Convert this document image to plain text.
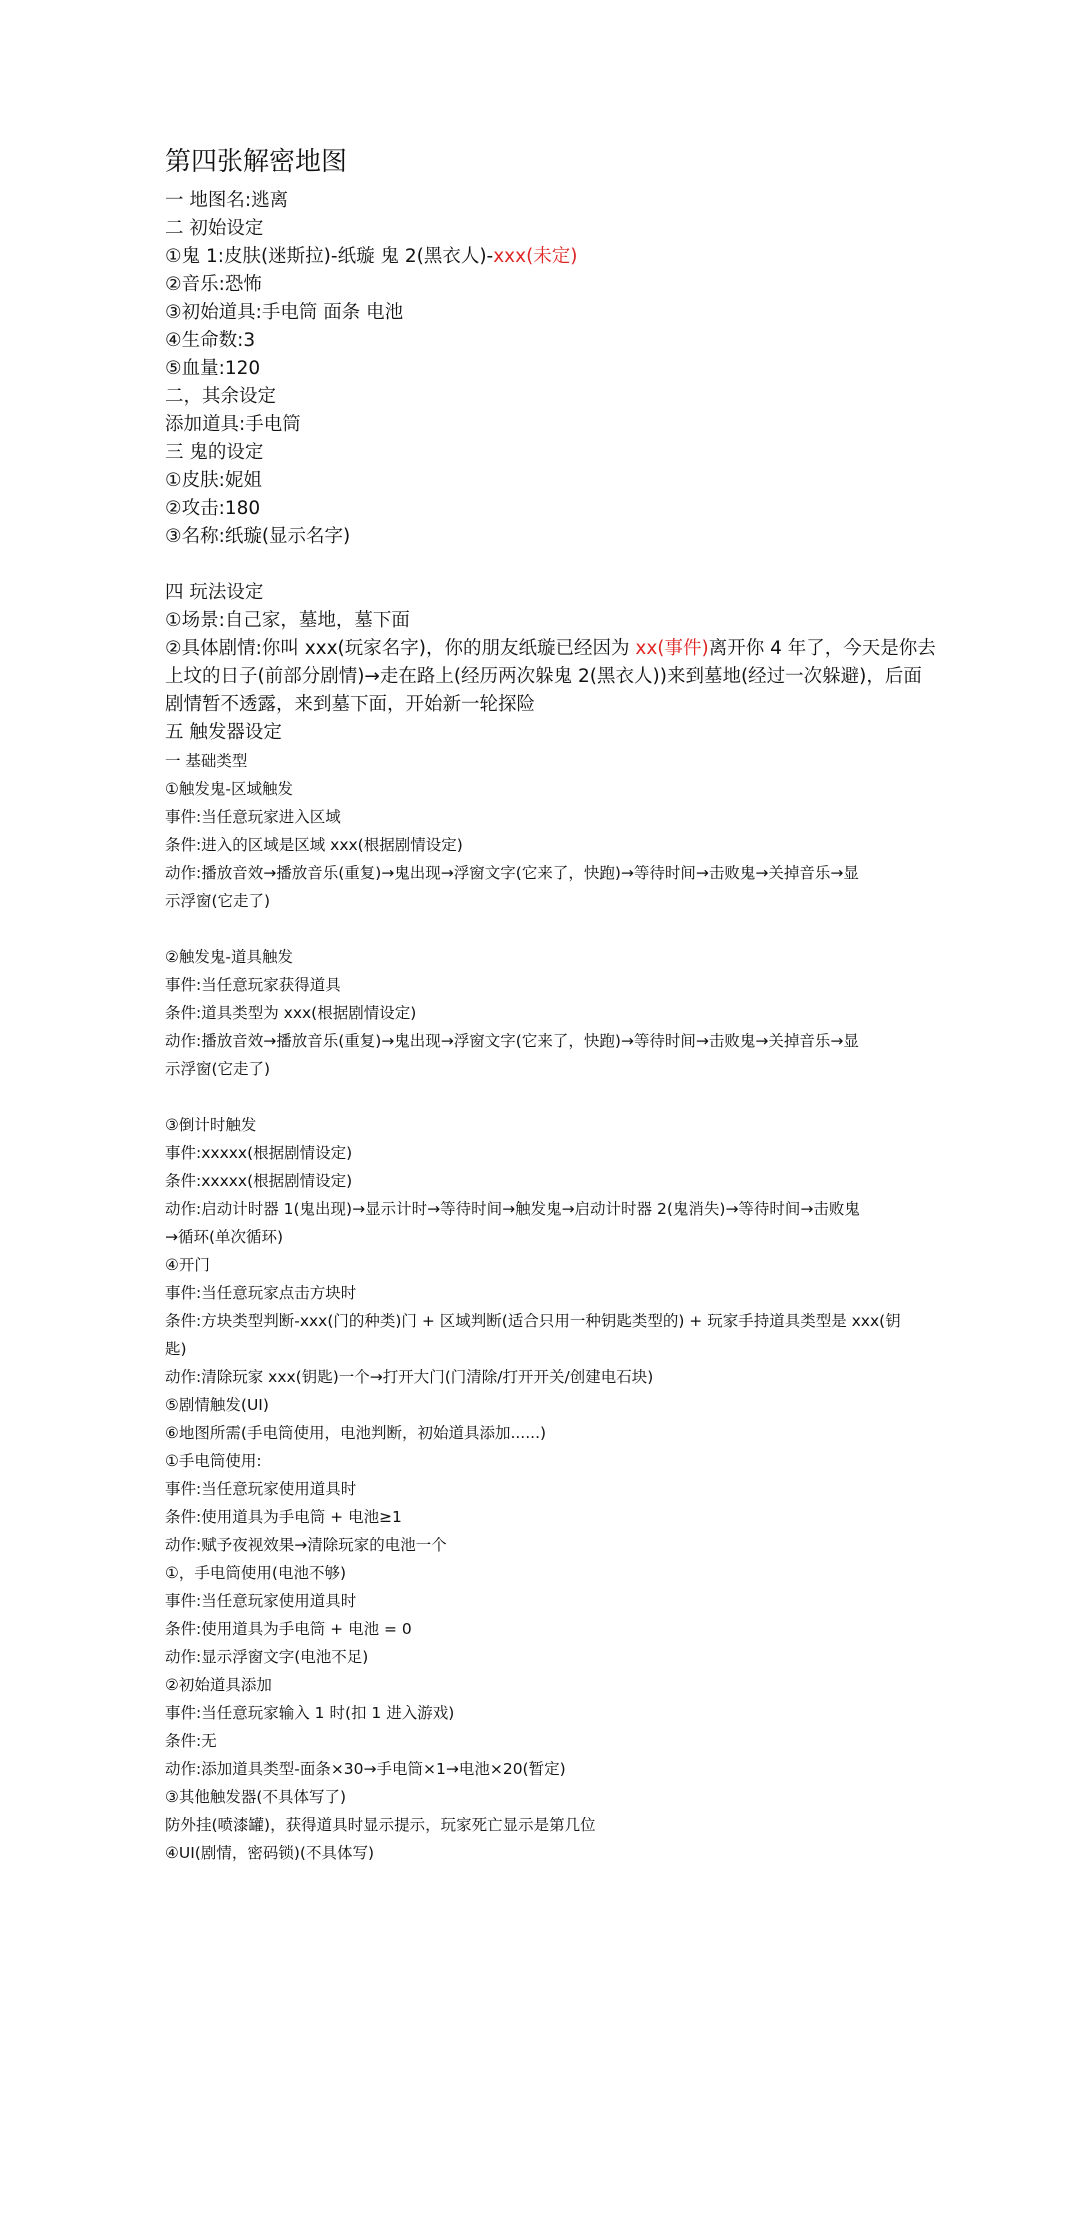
第四张解密地图
一 地图名:逃离
二 初始设定
①鬼 1:皮肤(迷斯拉)-纸璇 鬼 2(黑衣人)-xxx(未定)
②音乐:恐怖
③初始道具:手电筒 面条 电池
④生命数:3
⑤血量:120
二，其余设定
添加道具:手电筒
三 鬼的设定
①皮肤:妮姐
②攻击:180
③名称:纸璇(显示名字)
四 玩法设定
①场景:自己家，墓地，墓下面
②具体剧情:你叫 xxx(玩家名字)，你的朋友纸璇已经因为 xx(事件)离开你 4 年了，今天是你去
上坟的日子(前部分剧情)→走在路上(经历两次躲鬼 2(黑衣人))来到墓地(经过一次躲避)，后面
剧情暂不透露，来到墓下面，开始新一轮探险
五 触发器设定
一 基础类型
①触发鬼-区域触发
事件:当任意玩家进入区域
条件:进入的区域是区域 xxx(根据剧情设定)
动作:播放音效→播放音乐(重复)→鬼出现→浮窗文字(它来了，快跑)→等待时间→击败鬼→关掉音乐→显
示浮窗(它走了)
②触发鬼-道具触发
事件:当任意玩家获得道具
条件:道具类型为 xxx(根据剧情设定)
动作:播放音效→播放音乐(重复)→鬼出现→浮窗文字(它来了，快跑)→等待时间→击败鬼→关掉音乐→显
示浮窗(它走了)
③倒计时触发
事件:xxxxx(根据剧情设定)
条件:xxxxx(根据剧情设定)
动作:启动计时器 1(鬼出现)→显示计时→等待时间→触发鬼→启动计时器 2(鬼消失)→等待时间→击败鬼
→循环(单次循环)
④开门
事件:当任意玩家点击方块时
条件:方块类型判断-xxx(门的种类)门 + 区域判断(适合只用一种钥匙类型的) + 玩家手持道具类型是 xxx(钥
匙)
动作:清除玩家 xxx(钥匙)一个→打开大门(门清除/打开开关/创建电石块)
⑤剧情触发(UI)
⑥地图所需(手电筒使用，电池判断，初始道具添加......)
①手电筒使用:
事件:当任意玩家使用道具时
条件:使用道具为手电筒 + 电池≥1
动作:赋予夜视效果→清除玩家的电池一个
①，手电筒使用(电池不够)
事件:当任意玩家使用道具时
条件:使用道具为手电筒 + 电池 = 0
动作:显示浮窗文字(电池不足)
②初始道具添加
事件:当任意玩家输入 1 时(扣 1 进入游戏)
条件:无
动作:添加道具类型-面条×30→手电筒×1→电池×20(暂定)
③其他触发器(不具体写了)
防外挂(喷漆罐)，获得道具时显示提示，玩家死亡显示是第几位
④UI(剧情，密码锁)(不具体写)
